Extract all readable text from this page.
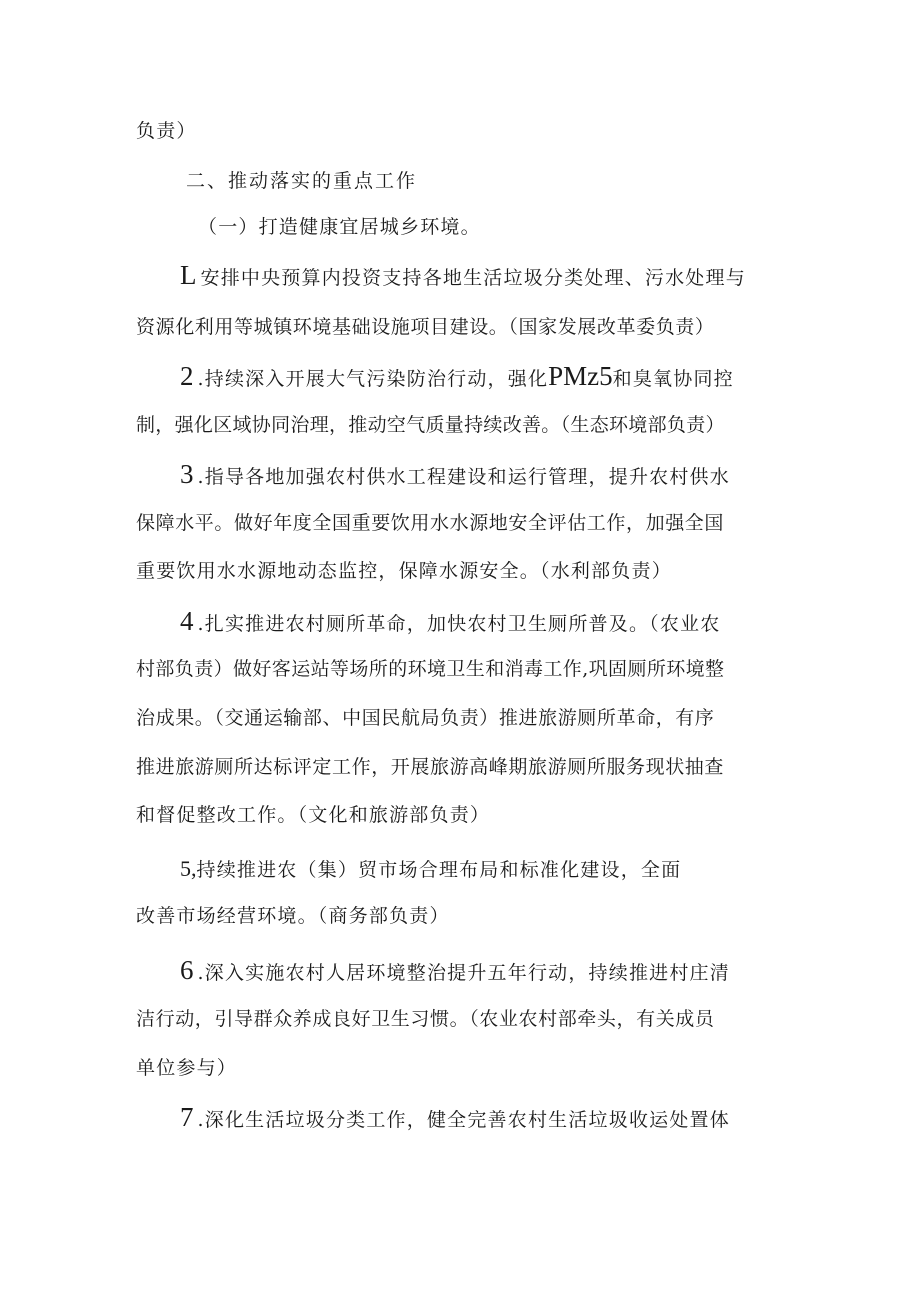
负责）
二、推动落实的重点工作
（一）打造健康宜居城乡环境。
L 安排中央预算内投资支持各地生活垃圾分类处理、污水处理与
资源化利用等城镇环境基础设施项目建设。（国家发展改革委负责）
2 .持续深入开展大气污染防治行动，强化PMz5和臭氧协同控
制，强化区域协同治理，推动空气质量持续改善。（生态环境部负责）
3 .指导各地加强农村供水工程建设和运行管理，提升农村供水
保障水平。做好年度全国重要饮用水水源地安全评估工作，加强全国
重要饮用水水源地动态监控，保障水源安全。（水利部负责）
4 .扎实推进农村厕所革命，加快农村卫生厕所普及。（农业农
村部负责）做好客运站等场所的环境卫生和消毒工作,巩固厕所环境整
治成果。（交通运输部、中国民航局负责）推进旅游厕所革命，有序
推进旅游厕所达标评定工作，开展旅游高峰期旅游厕所服务现状抽查
和督促整改工作。（文化和旅游部负责）
5,持续推进农（集）贸市场合理布局和标准化建设，全面
改善市场经营环境。（商务部负责）
6 .深入实施农村人居环境整治提升五年行动，持续推进村庄清
洁行动，引导群众养成良好卫生习惯。（农业农村部牵头，有关成员
单位参与）
7 .深化生活垃圾分类工作，健全完善农村生活垃圾收运处置体
